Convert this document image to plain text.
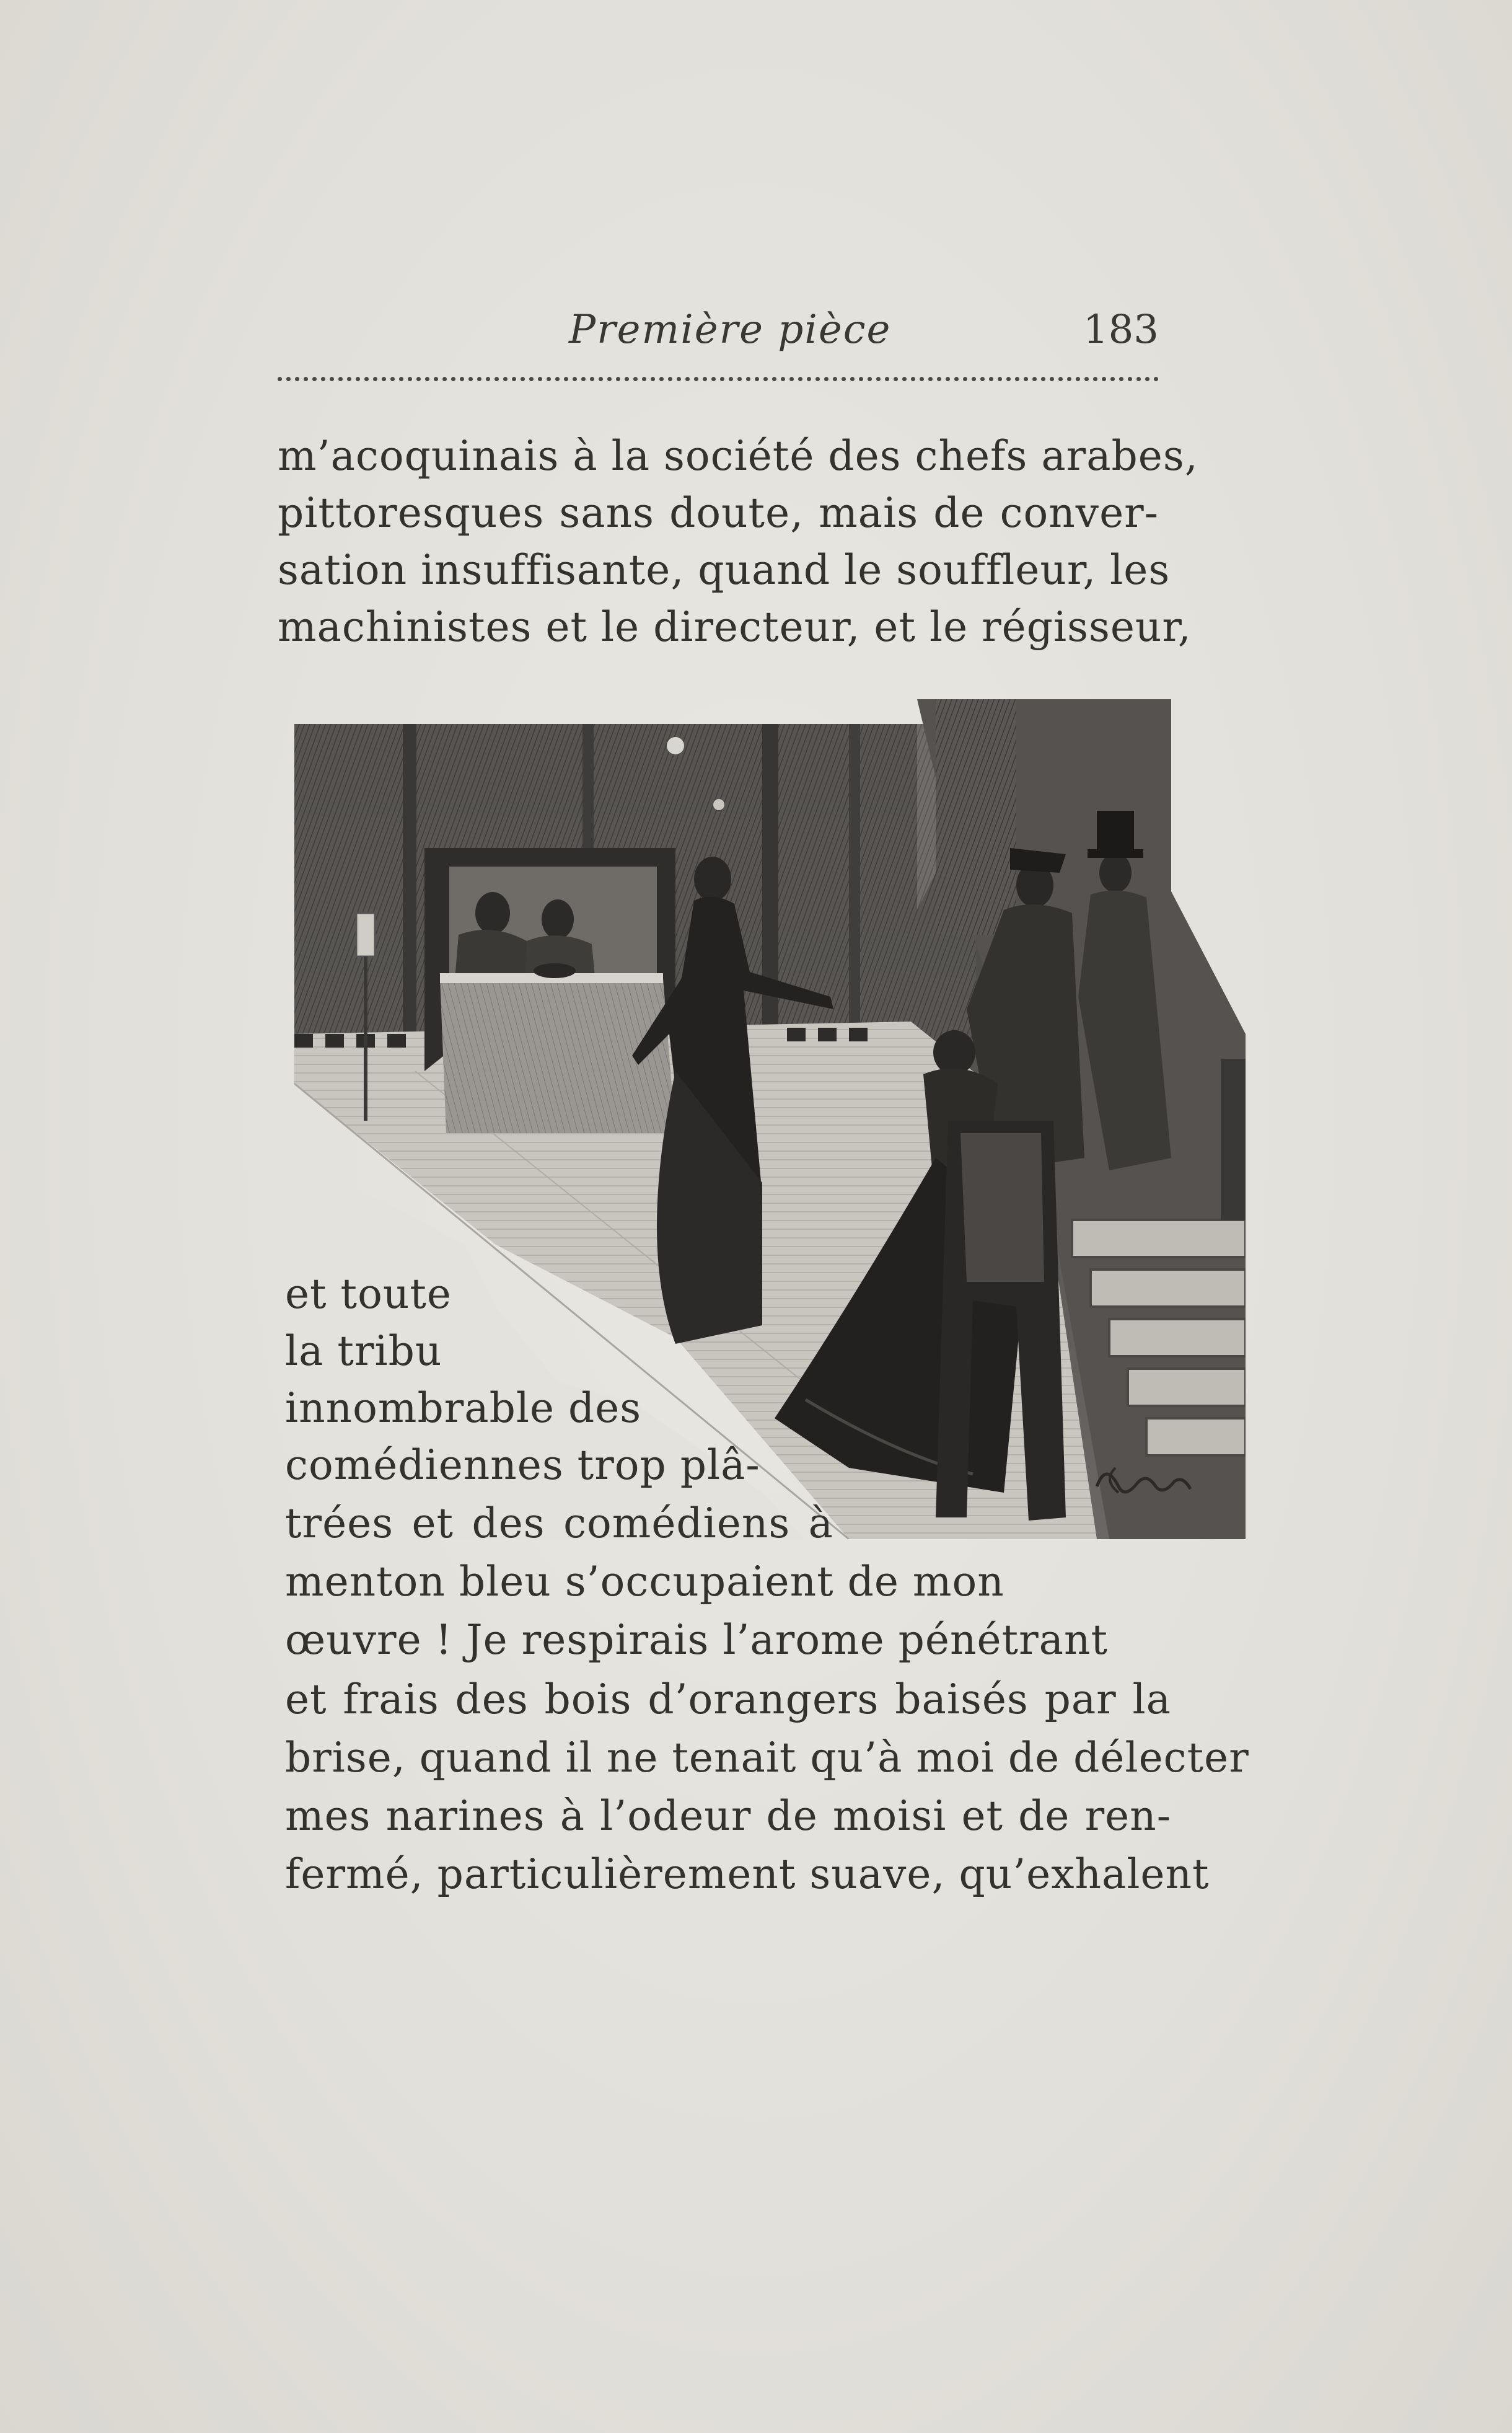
Première pièce	183
m’acoquinais à la société des chefs arabes,
pittoresques sans doute, mais de conver-
sation insuffisante, quand le souffleur, les
machinistes et le directeur, et le régisseur,
et toute
la tribu
innombrable des
comédiennes trop plâ-
trées et des comédiens à
menton bleu s’occupaient de mon
œuvre ! Je respirais l’arome pénétrant
et frais des bois d’orangers baisés par la
brise, quand il ne tenait qu’à moi de délecter
mes narines à l’odeur de moisi et de ren-
fermé, particulièrement suave, qu’exhalent
